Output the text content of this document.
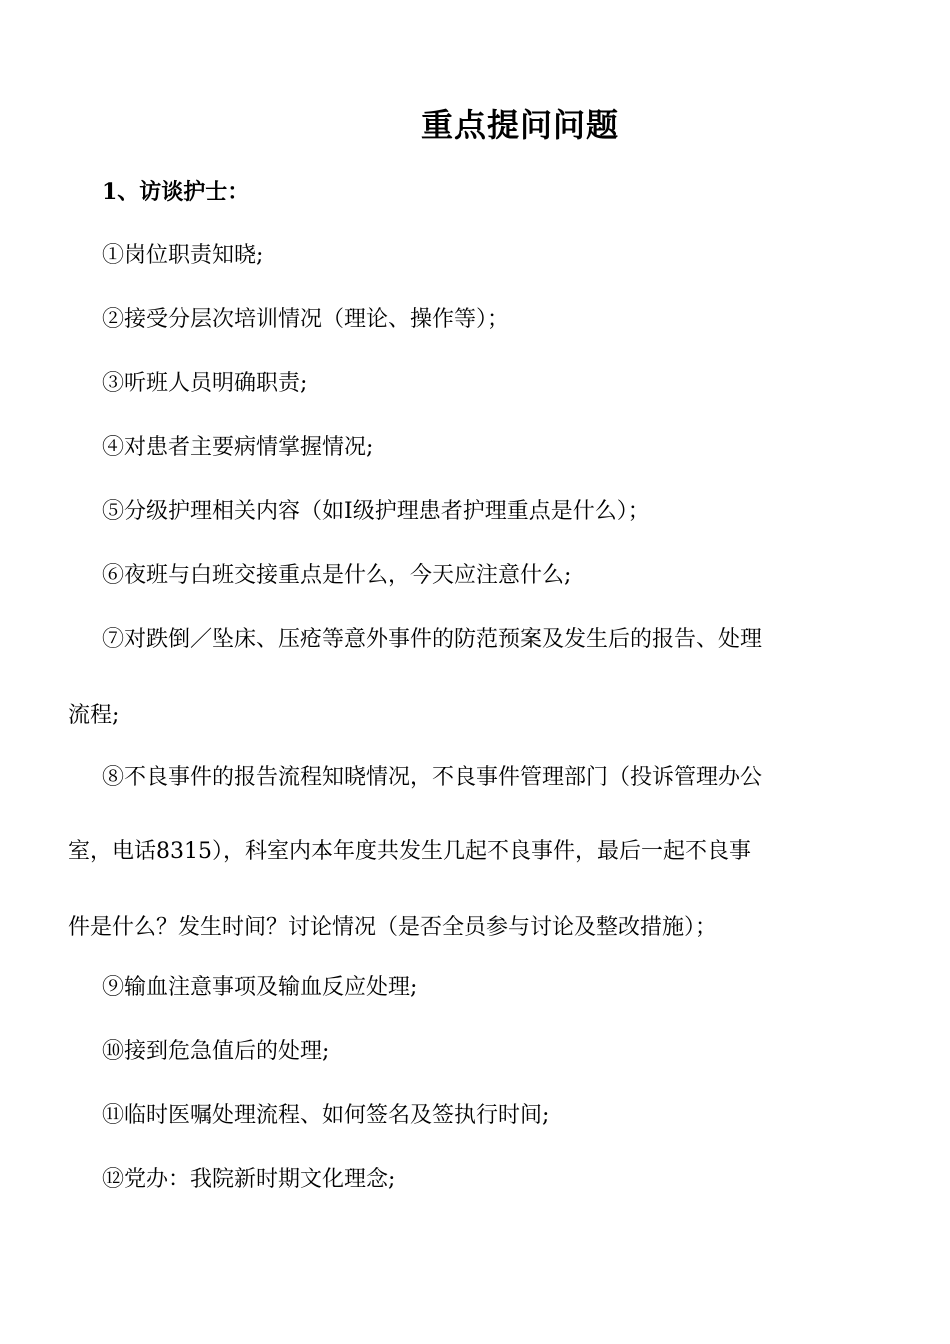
重点提问问题
1、访谈护士：
①岗位职责知晓;
②接受分层次培训情况（理论、操作等）；
③听班人员明确职责;
④对患者主要病情掌握情况;
⑤分级护理相关内容（如Ⅰ级护理患者护理重点是什么）；
⑥夜班与白班交接重点是什么，今天应注意什么;
⑦对跌倒／坠床、压疮等意外事件的防范预案及发生后的报告、处理
流程;
⑧不良事件的报告流程知晓情况，不良事件管理部门（投诉管理办公
室，电话8315），科室内本年度共发生几起不良事件，最后一起不良事
件是什么？发生时间？讨论情况（是否全员参与讨论及整改措施）；
⑨输血注意事项及输血反应处理;
⑩接到危急值后的处理;
⑪临时医嘱处理流程、如何签名及签执行时间;
⑫党办：我院新时期文化理念;
